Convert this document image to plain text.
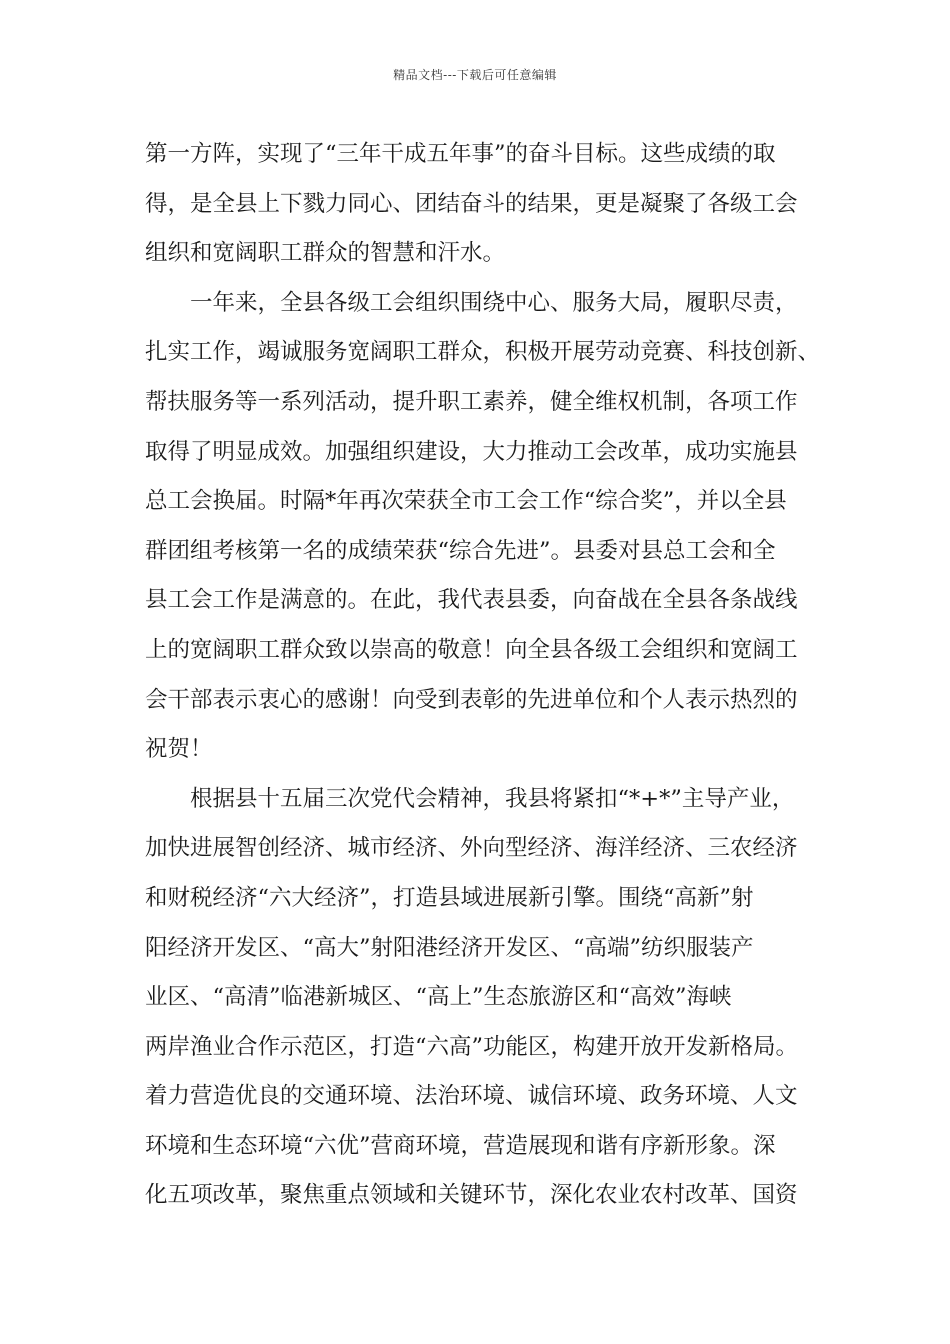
精品文档---下载后可任意编辑
第一方阵，实现了“三年干成五年事”的奋斗目标。这些成绩的取
得，是全县上下戮力同心、团结奋斗的结果，更是凝聚了各级工会
组织和宽阔职工群众的智慧和汗水。
　　一年来，全县各级工会组织围绕中心、服务大局，履职尽责，
扎实工作，竭诚服务宽阔职工群众，积极开展劳动竞赛、科技创新、
帮扶服务等一系列活动，提升职工素养，健全维权机制，各项工作
取得了明显成效。加强组织建设，大力推动工会改革，成功实施县
总工会换届。时隔*年再次荣获全市工会工作“综合奖”，并以全县
群团组考核第一名的成绩荣获“综合先进”。县委对县总工会和全
县工会工作是满意的。在此，我代表县委，向奋战在全县各条战线
上的宽阔职工群众致以崇高的敬意！向全县各级工会组织和宽阔工
会干部表示衷心的感谢！向受到表彰的先进单位和个人表示热烈的
祝贺！
　　根据县十五届三次党代会精神，我县将紧扣“*+*”主导产业，
加快进展智创经济、城市经济、外向型经济、海洋经济、三农经济
和财税经济“六大经济”，打造县域进展新引擎。围绕“高新”射
阳经济开发区、“高大”射阳港经济开发区、“高端”纺织服装产
业区、“高清”临港新城区、“高上”生态旅游区和“高效”海峡
两岸渔业合作示范区，打造“六高”功能区，构建开放开发新格局。
着力营造优良的交通环境、法治环境、诚信环境、政务环境、人文
环境和生态环境“六优”营商环境，营造展现和谐有序新形象。深
化五项改革，聚焦重点领域和关键环节，深化农业农村改革、国资
